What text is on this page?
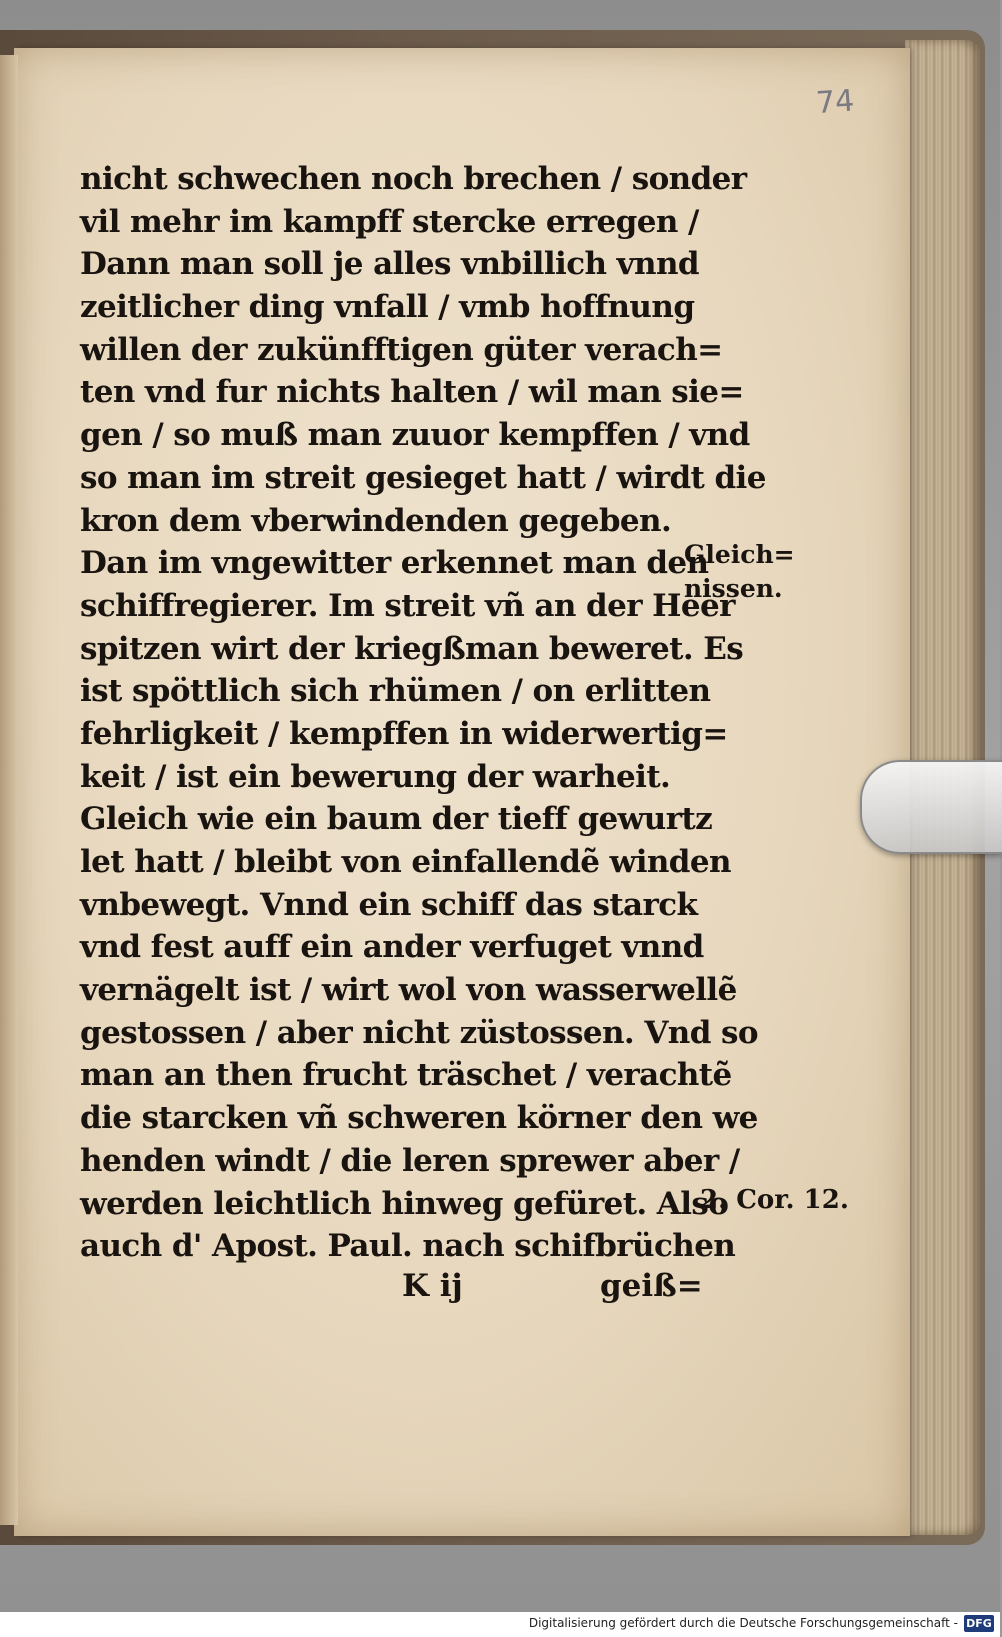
74
nicht schwechen noch brechen / sonder
vil mehr im kampff stercke erregen /
Dann man soll je alles vnbillich vnnd
zeitlicher ding vnfall / vmb hoffnung
willen der zukünfftigen güter verach=
ten vnd fur nichts halten / wil man sie=
gen / so muß man zuuor kempffen / vnd
so man im streit gesieget hatt / wirdt die
kron dem vberwindenden gegeben.
Dan im vngewitter erkennet man den
schiffregierer. Im streit vñ an der Heer
spitzen wirt der kriegßman beweret. Es
ist spöttlich sich rhümen / on erlitten
fehrligkeit / kempffen in widerwertig=
keit / ist ein bewerung der warheit.
Gleich wie ein baum der tieff gewurtz
let hatt / bleibt von einfallendẽ winden
vnbewegt. Vnnd ein schiff das starck
vnd fest auff ein ander verfuget vnnd
vernägelt ist / wirt wol von wasserwellẽ
gestossen / aber nicht züstossen. Vnd so
man an then frucht träschet / verachtẽ
die starcken vñ schweren körner den we
henden windt / die leren sprewer aber /
werden leichtlich hinweg gefüret. Also
auch d' Apost. Paul. nach schifbrüchen
K ij	geiß=
Gleich=
nissen.
2. Cor. 12.
Digitalisierung gefördert durch die Deutsche Forschungsgemeinschaft - DFG
